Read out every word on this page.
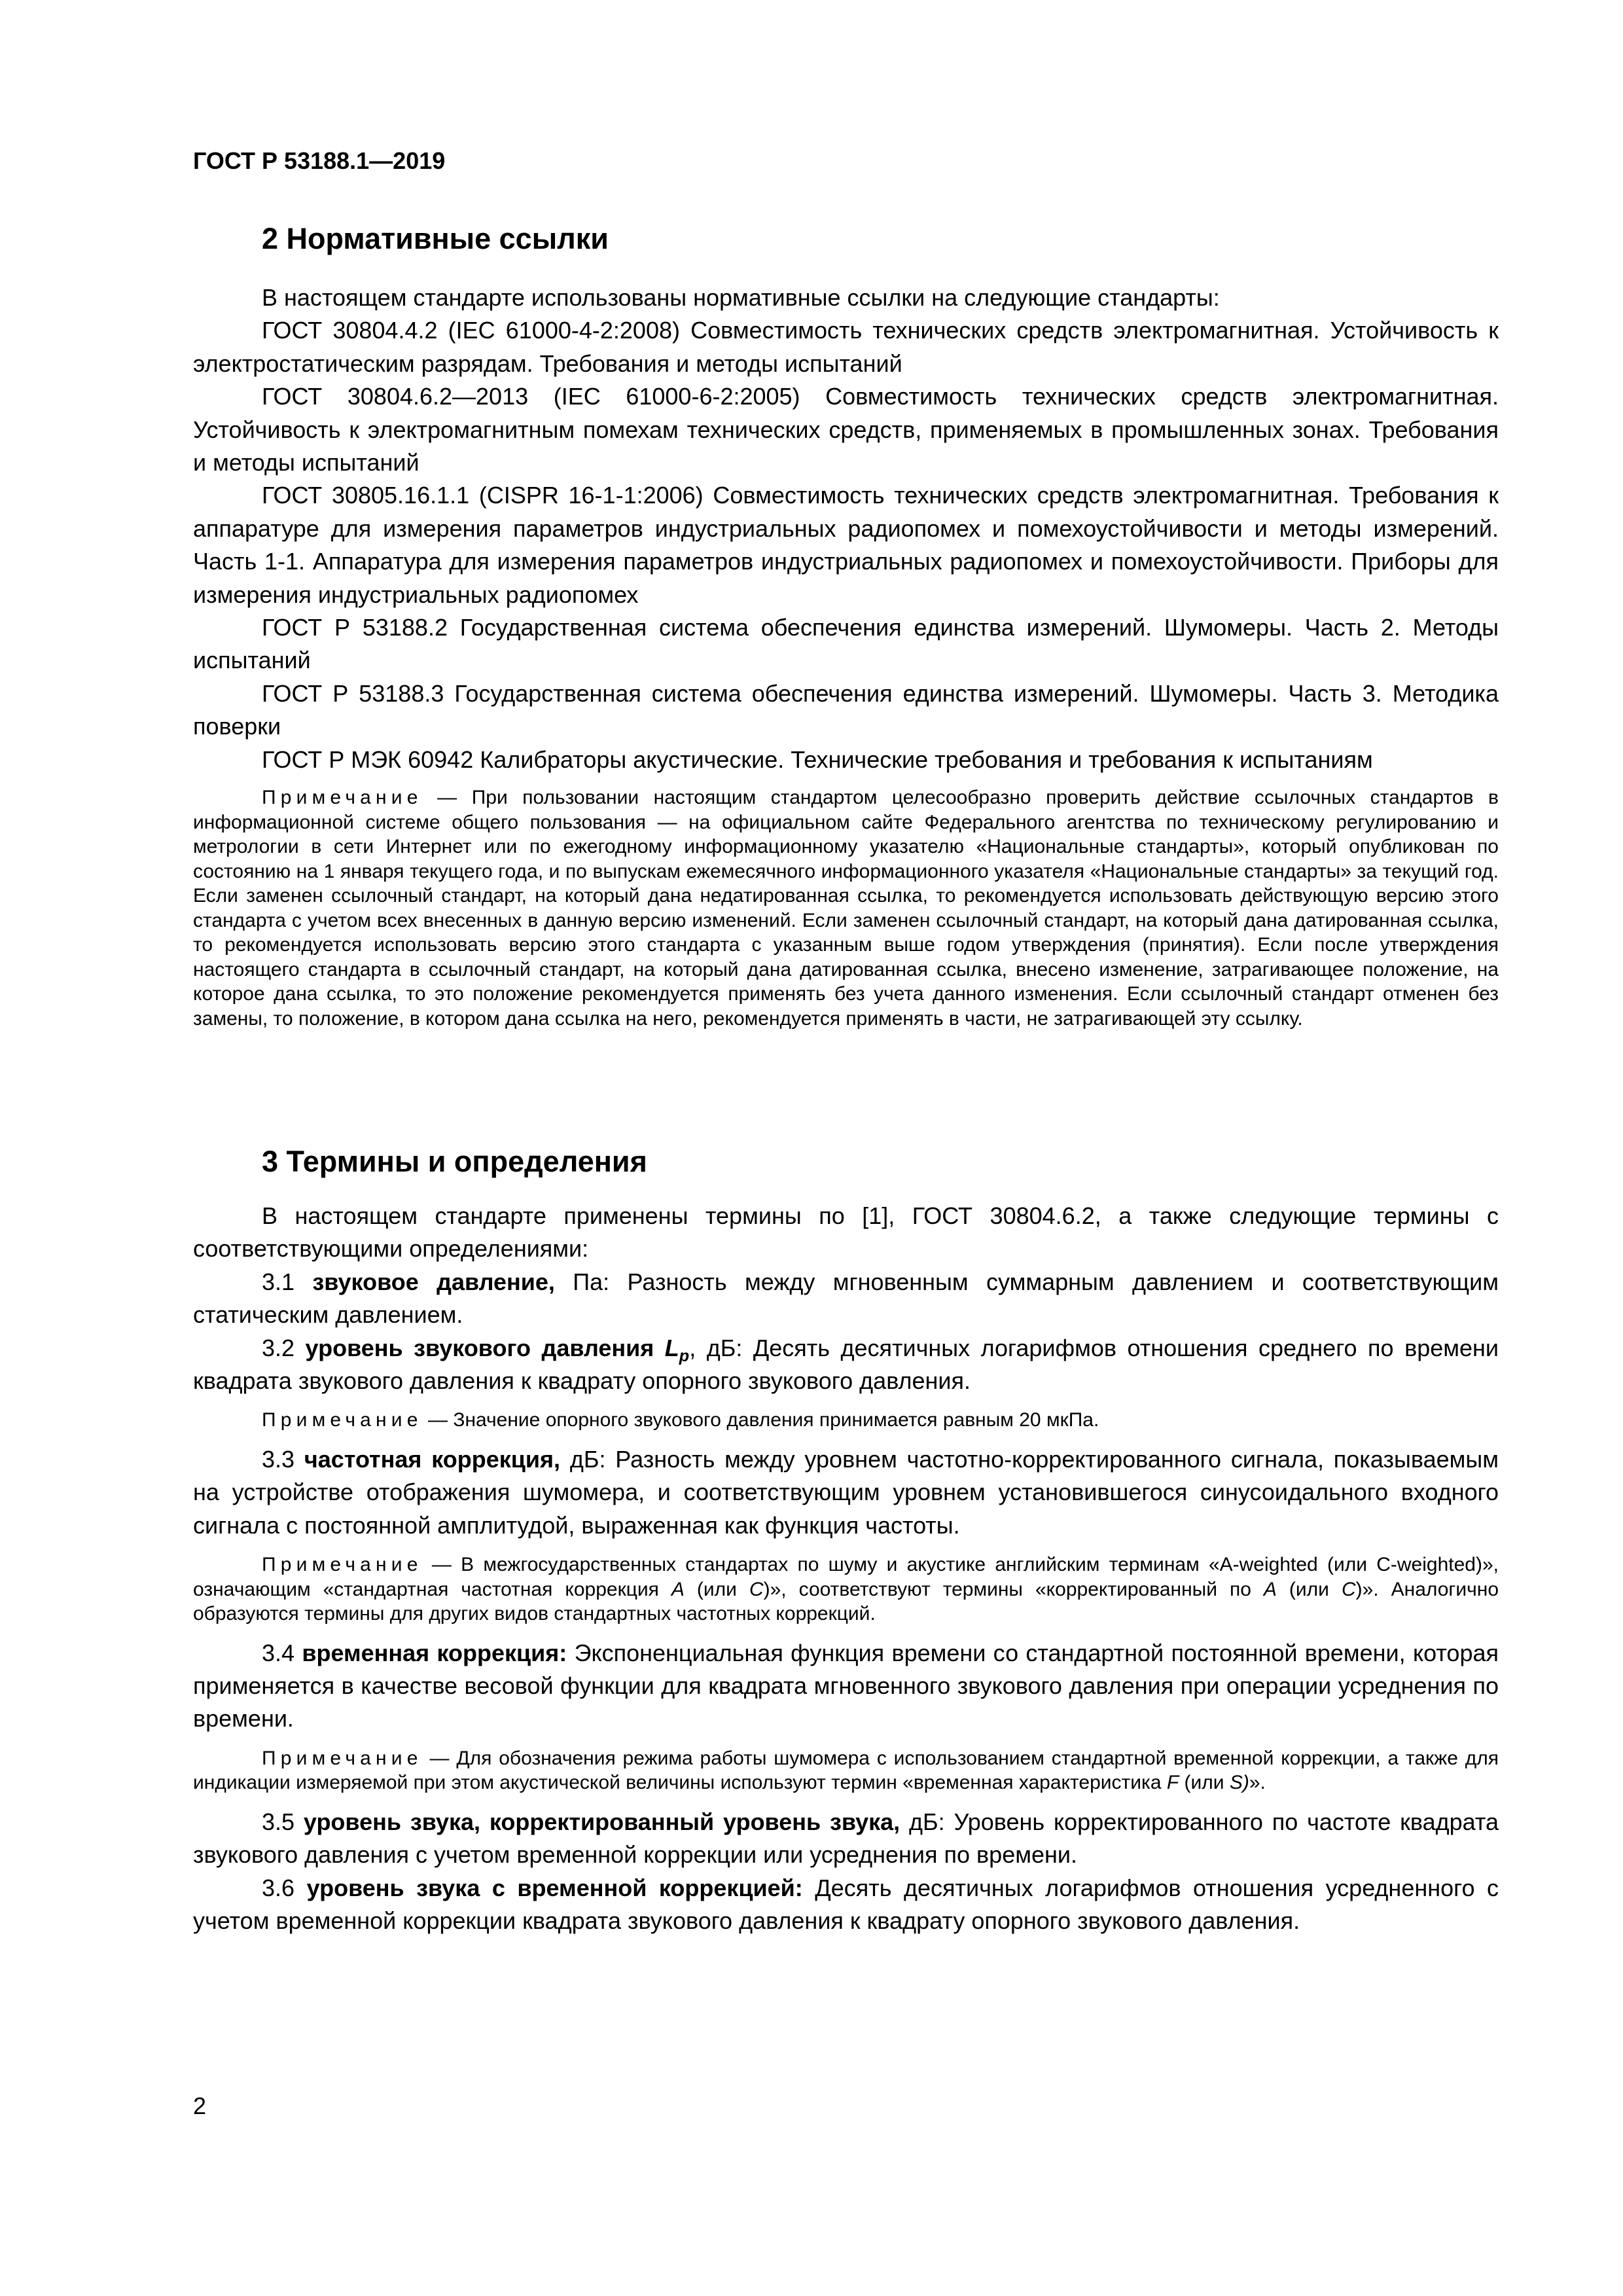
ГОСТ Р 53188.1—2019
2 Нормативные ссылки

В настоящем стандарте использованы нормативные ссылки на следующие стандарты:

ГОСТ 30804.4.2 (IEC 61000-4-2:2008) Совместимость технических средств электромагнитная. Устойчивость к электростатическим разрядам. Требования и методы испытаний

ГОСТ 30804.6.2—2013 (IEC 61000-6-2:2005) Совместимость технических средств электромагнитная. Устойчивость к электромагнитным помехам технических средств, применяемых в промышленных зонах. Требования и методы испытаний

ГОСТ 30805.16.1.1 (CISPR 16-1-1:2006) Совместимость технических средств электромагнитная. Требования к аппаратуре для измерения параметров индустриальных радиопомех и помехоустойчивости и методы измерений. Часть 1-1. Аппаратура для измерения параметров индустриальных радиопомех и помехоустойчивости. Приборы для измерения индустриальных радиопомех

ГОСТ Р 53188.2 Государственная система обеспечения единства измерений. Шумомеры. Часть 2. Методы испытаний

ГОСТ Р 53188.3 Государственная система обеспечения единства измерений. Шумомеры. Часть 3. Методика поверки

ГОСТ Р МЭК 60942 Калибраторы акустические. Технические требования и требования к испытаниям

Примечание — При пользовании настоящим стандартом целесообразно проверить действие ссылочных стандартов в информационной системе общего пользования — на официальном сайте Федерального агентства по техническому регулированию и метрологии в сети Интернет или по ежегодному информационному указателю «Национальные стандарты», который опубликован по состоянию на 1 января текущего года, и по выпускам ежемесячного информационного указателя «Национальные стандарты» за текущий год. Если заменен ссылочный стандарт, на который дана недатированная ссылка, то рекомендуется использовать действующую версию этого стандарта с учетом всех внесенных в данную версию изменений. Если заменен ссылочный стандарт, на который дана датированная ссылка, то рекомендуется использовать версию этого стандарта с указанным выше годом утверждения (принятия). Если после утверждения настоящего стандарта в ссылочный стандарт, на который дана датированная ссылка, внесено изменение, затрагивающее положение, на которое дана ссылка, то это положение рекомендуется применять без учета данного изменения. Если ссылочный стандарт отменен без замены, то положение, в котором дана ссылка на него, рекомендуется применять в части, не затрагивающей эту ссылку.

3 Термины и определения

В настоящем стандарте применены термины по [1], ГОСТ 30804.6.2, а также следующие термины с соответствующими определениями:

3.1 звуковое давление, Па: Разность между мгновенным суммарным давлением и соответствующим статическим давлением.

3.2 уровень звукового давления $L_p$, дБ: Десять десятичных логарифмов отношения среднего по времени квадрата звукового давления к квадрату опорного звукового давления.

Примечание — Значение опорного звукового давления принимается равным 20 мкПа.

3.3 частотная коррекция, дБ: Разность между уровнем частотно-корректированного сигнала, показываемым на устройстве отображения шумомера, и соответствующим уровнем установившегося синусоидального входного сигнала с постоянной амплитудой, выраженная как функция частоты.

Примечание — В межгосударственных стандартах по шуму и акустике английским терминам «A-weighted (или C-weighted)», означающим «стандартная частотная коррекция A (или C)», соответствуют термины «корректированный по A (или C)». Аналогично образуются термины для других видов стандартных частотных коррекций.

3.4 временная коррекция: Экспоненциальная функция времени со стандартной постоянной времени, которая применяется в качестве весовой функции для квадрата мгновенного звукового давления при операции усреднения по времени.

Примечание — Для обозначения режима работы шумомера с использованием стандартной временной коррекции, а также для индикации измеряемой при этом акустической величины используют термин «временная характеристика F (или S)».

3.5 уровень звука, корректированный уровень звука, дБ: Уровень корректированного по частоте квадрата звукового давления с учетом временной коррекции или усреднения по времени.

3.6 уровень звука с временной коррекцией: Десять десятичных логарифмов отношения усредненного с учетом временной коррекции квадрата звукового давления к квадрату опорного звукового давления.

2
